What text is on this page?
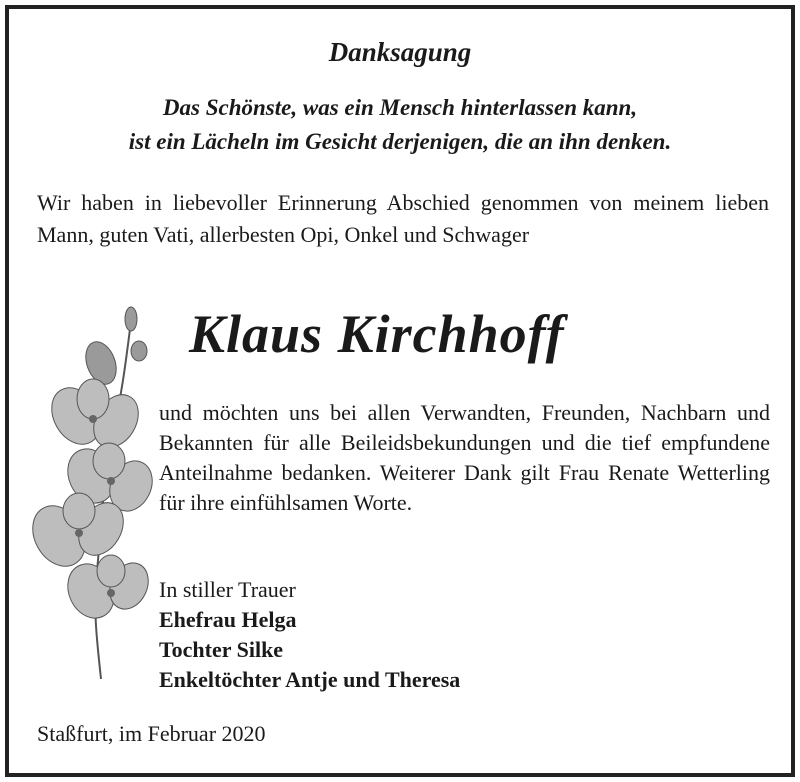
Danksagung
Das Schönste, was ein Mensch hinterlassen kann,
ist ein Lächeln im Gesicht derjenigen, die an ihn denken.
Wir haben in liebevoller Erinnerung Abschied genommen von meinem lieben Mann, guten Vati, allerbesten Opi, Onkel und Schwager
Klaus Kirchhoff
und möchten uns bei allen Verwandten, Freunden, Nachbarn und Bekannten für alle Beileidsbekundungen und die tief empfundene Anteilnahme bedanken. Weiterer Dank gilt Frau Renate Wetterling für ihre einfühlsamen Worte.
In stiller Trauer
Ehefrau Helga
Tochter Silke
Enkeltöchter Antje und Theresa
Staßfurt, im Februar 2020
